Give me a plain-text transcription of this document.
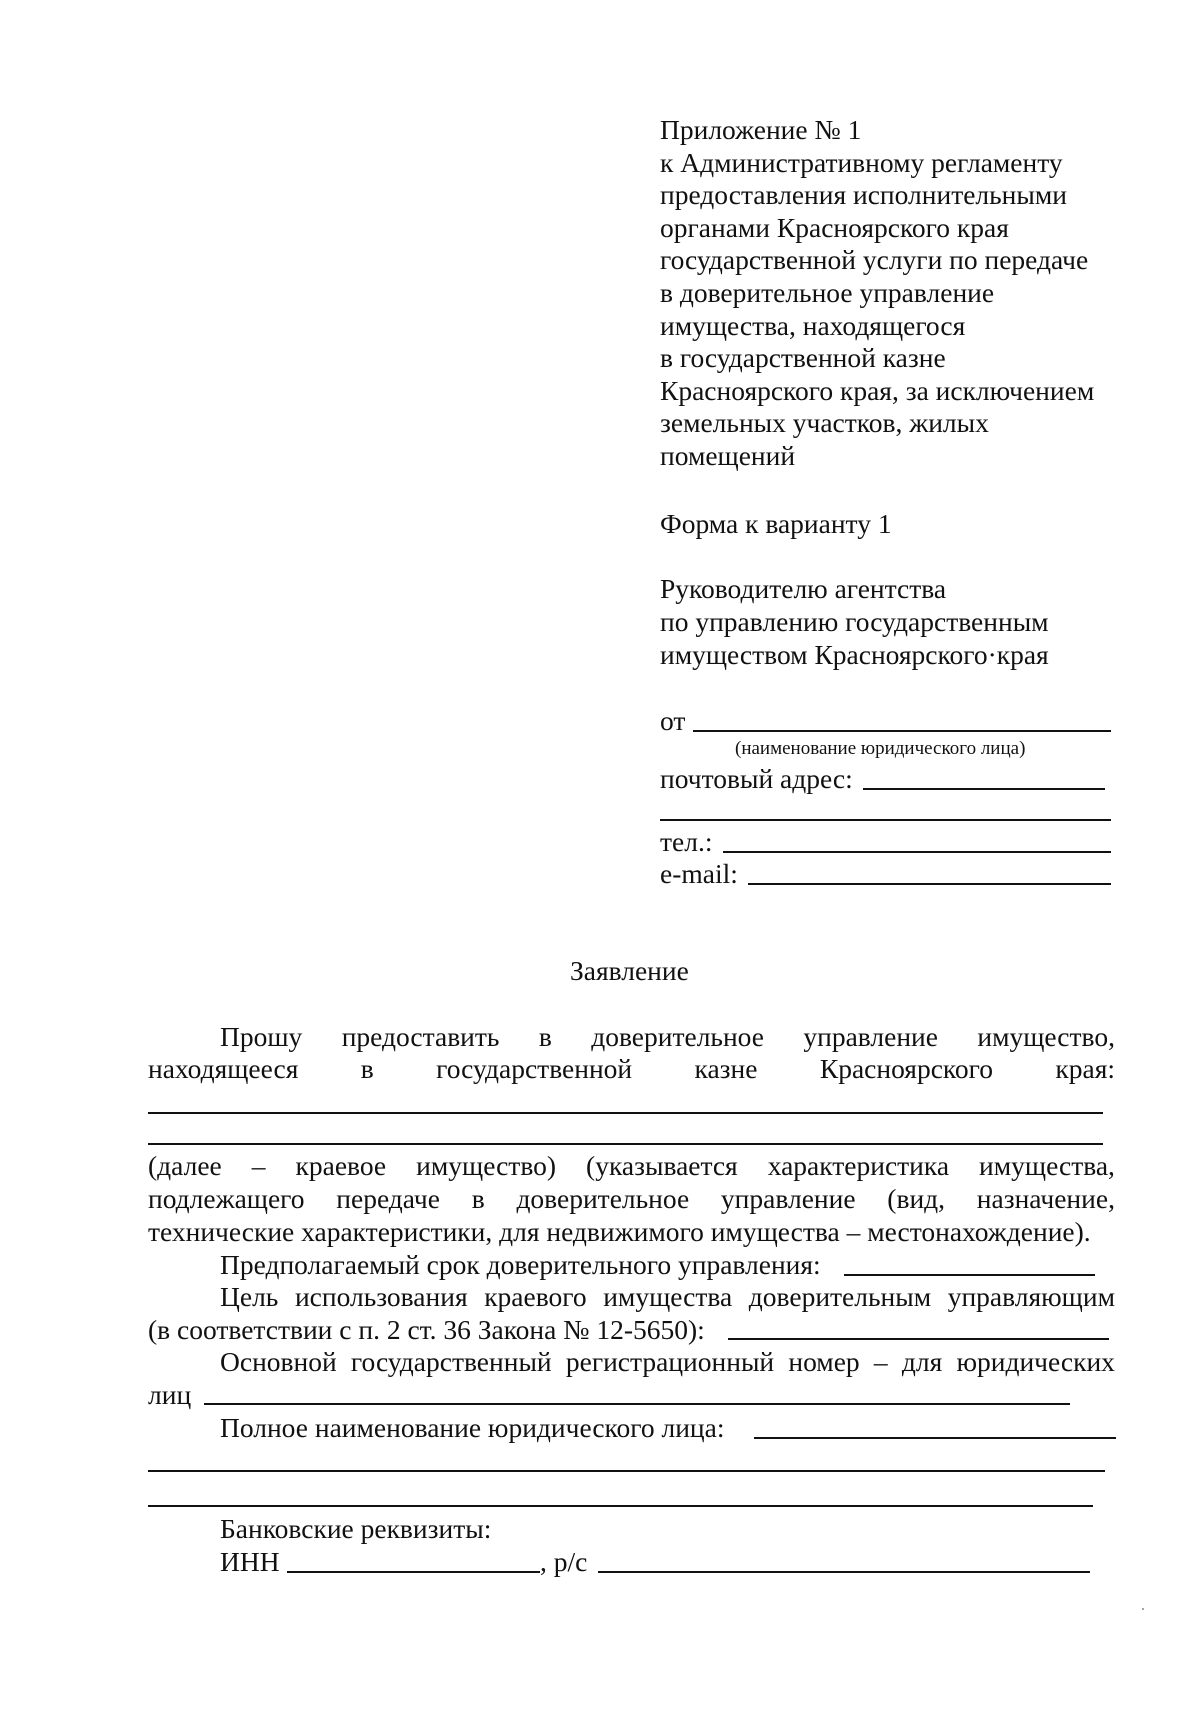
Приложение № 1
к Административному регламенту
предоставления исполнительными
органами Красноярского края
государственной услуги по передаче
в доверительное управление
имущества, находящегося
в государственной казне
Красноярского края, за исключением
земельных участков, жилых
помещений
Форма к варианту 1
Руководителю агентства
по управлению государственным
имуществом Красноярского·края
от
(наименование юридического лица)
почтовый адрес:
тел.:
e-mail:
Заявление
Прошу предоставить в доверительное управление имущество,
находящееся в государственной казне Красноярского края:
(далее – краевое имущество) (указывается характеристика имущества,
подлежащего передаче в доверительное управление (вид, назначение,
технические характеристики, для недвижимого имущества – местонахождение).
Предполагаемый срок доверительного управления:
Цель использования краевого имущества доверительным управляющим
(в соответствии с п. 2 ст. 36 Закона № 12-5650):
Основной государственный регистрационный номер – для юридических
лиц
Полное наименование юридического лица:
Банковские реквизиты:
ИНН	, р/с
